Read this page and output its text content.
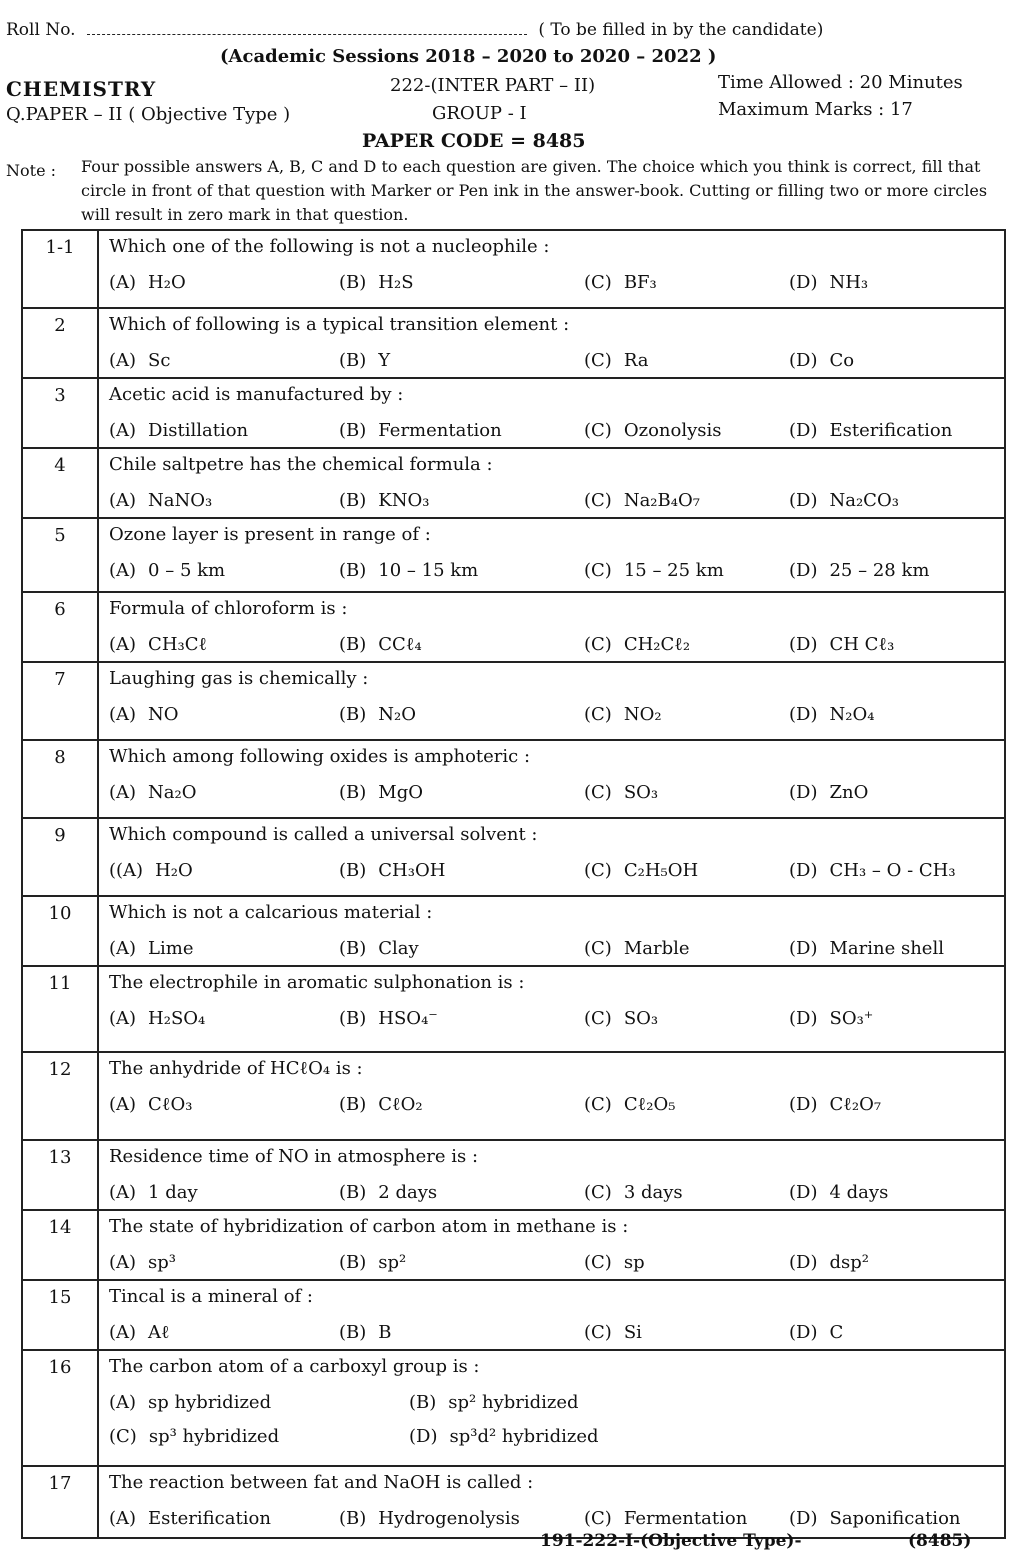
Roll No.	( To be filled in by the candidate)
(Academic Sessions 2018 – 2020 to 2020 – 2022 )
CHEMISTRY	222-(INTER PART – II)	Time Allowed : 20 Minutes
Q.PAPER – II ( Objective Type )	GROUP - I	Maximum Marks : 17
PAPER CODE = 8485
Note : Four possible answers A, B, C and D to each question are given. The choice which you think is correct, fill that circle in front of that question with Marker or Pen ink in the answer-book. Cutting or filling two or more circles will result in zero mark in that question.
1-1	Which one of the following is not a nucleophile :
(A) H₂O (B) H₂S (C) BF₃ (D) NH₃

2	Which of following is a typical transition element :
(A) Sc (B) Y (C) Ra (D) Co

3	Acetic acid is manufactured by :
(A) Distillation (B) Fermentation (C) Ozonolysis (D) Esterification

4	Chile saltpetre has the chemical formula :
(A) NaNO₃ (B) KNO₃ (C) Na₂B₄O₇ (D) Na₂CO₃

5	Ozone layer is present in range of :
(A) 0 – 5 km (B) 10 – 15 km (C) 15 – 25 km (D) 25 – 28 km

6	Formula of chloroform is :
(A) CH₃Cℓ (B) CCℓ₄ (C) CH₂Cℓ₂ (D) CH Cℓ₃

7	Laughing gas is chemically :
(A) NO (B) N₂O (C) NO₂ (D) N₂O₄

8	Which among following oxides is amphoteric :
(A) Na₂O (B) MgO (C) SO₃ (D) ZnO

9	Which compound is called a universal solvent :
((A) H₂O (B) CH₃OH (C) C₂H₅OH (D) CH₃ – O - CH₃

10	Which is not a calcarious material :
(A) Lime (B) Clay (C) Marble (D) Marine shell

11	The electrophile in aromatic sulphonation is :
(A) H₂SO₄ (B) HSO₄⁻ (C) SO₃ (D) SO₃⁺

12	The anhydride of HCℓO₄ is :
(A) CℓO₃ (B) CℓO₂ (C) Cℓ₂O₅ (D) Cℓ₂O₇

13	Residence time of NO in atmosphere is :
(A) 1 day (B) 2 days (C) 3 days (D) 4 days

14	The state of hybridization of carbon atom in methane is :
(A) sp³ (B) sp² (C) sp (D) dsp²

15	Tincal is a mineral of :
(A) Aℓ (B) B (C) Si (D) C

16	The carbon atom of a carboxyl group is :
(A) sp hybridized (B) sp² hybridized
(C) sp³ hybridized (D) sp³d² hybridized

17	The reaction between fat and NaOH is called :
(A) Esterification (B) Hydrogenolysis (C) Fermentation (D) Saponification
191-222-I-(Objective Type)-	(8485)
